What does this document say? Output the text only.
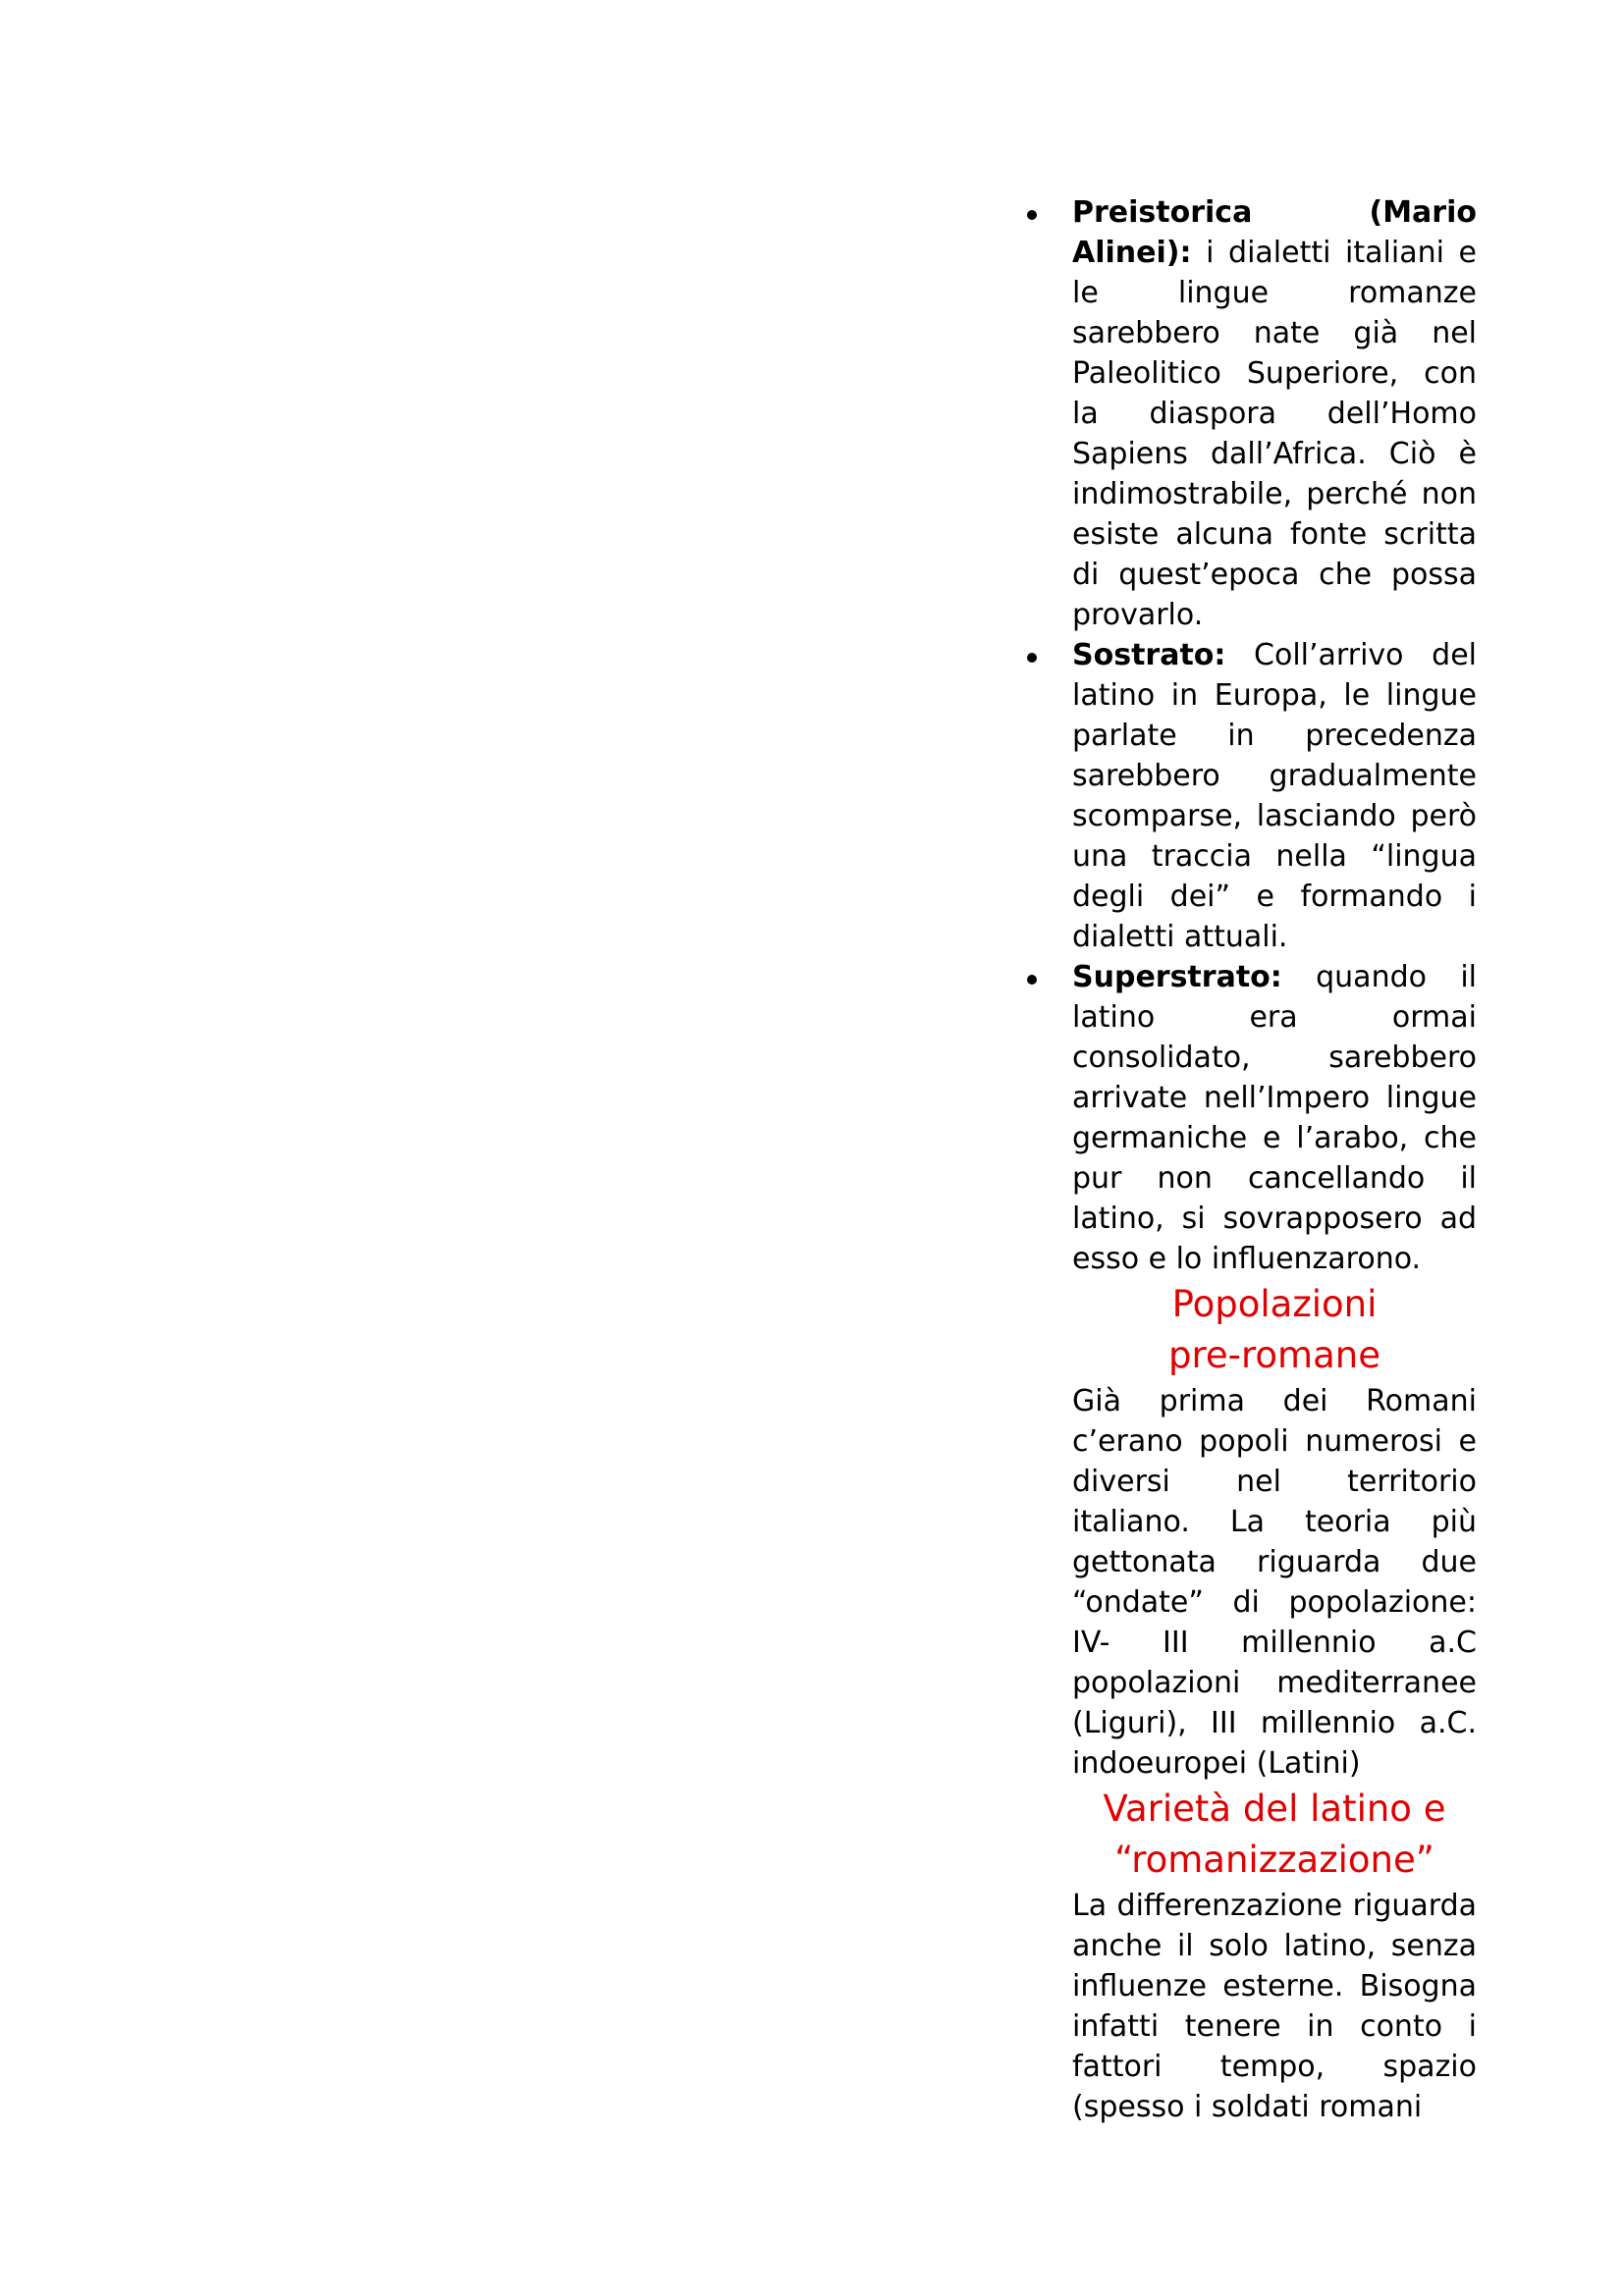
Preistorica (Mario Alinei): i dialetti italiani e le lingue romanze sarebbero nate già nel Paleolitico Superiore, con la diaspora dell’Homo Sapiens dall’Africa. Ciò è indimostrabile, perché non esiste alcuna fonte scritta di quest’epoca che possa provarlo.
Sostrato: Coll’arrivo del latino in Europa, le lingue parlate in precedenza sarebbero gradualmente scomparse, lasciando però una traccia nella “lingua degli dei” e formando i dialetti attuali.
Superstrato: quando il latino era ormai consolidato, sarebbero arrivate nell’Impero lingue germaniche e l’arabo, che pur non cancellando il latino, si sovrapposero ad esso e lo influenzarono.
Popolazioni
pre-romane

Già prima dei Romani c’erano popoli numerosi e diversi nel territorio italiano. La teoria più gettonata riguarda due “ondate” di popolazione: IV- III millennio a.C popolazioni mediterranee (Liguri), III millennio a.C. indoeuropei (Latini)

Varietà del latino e
“romanizzazione”

La differenzazione riguarda anche il solo latino, senza influenze esterne. Bisogna infatti tenere in conto i fattori tempo, spazio (spesso i soldati romani
